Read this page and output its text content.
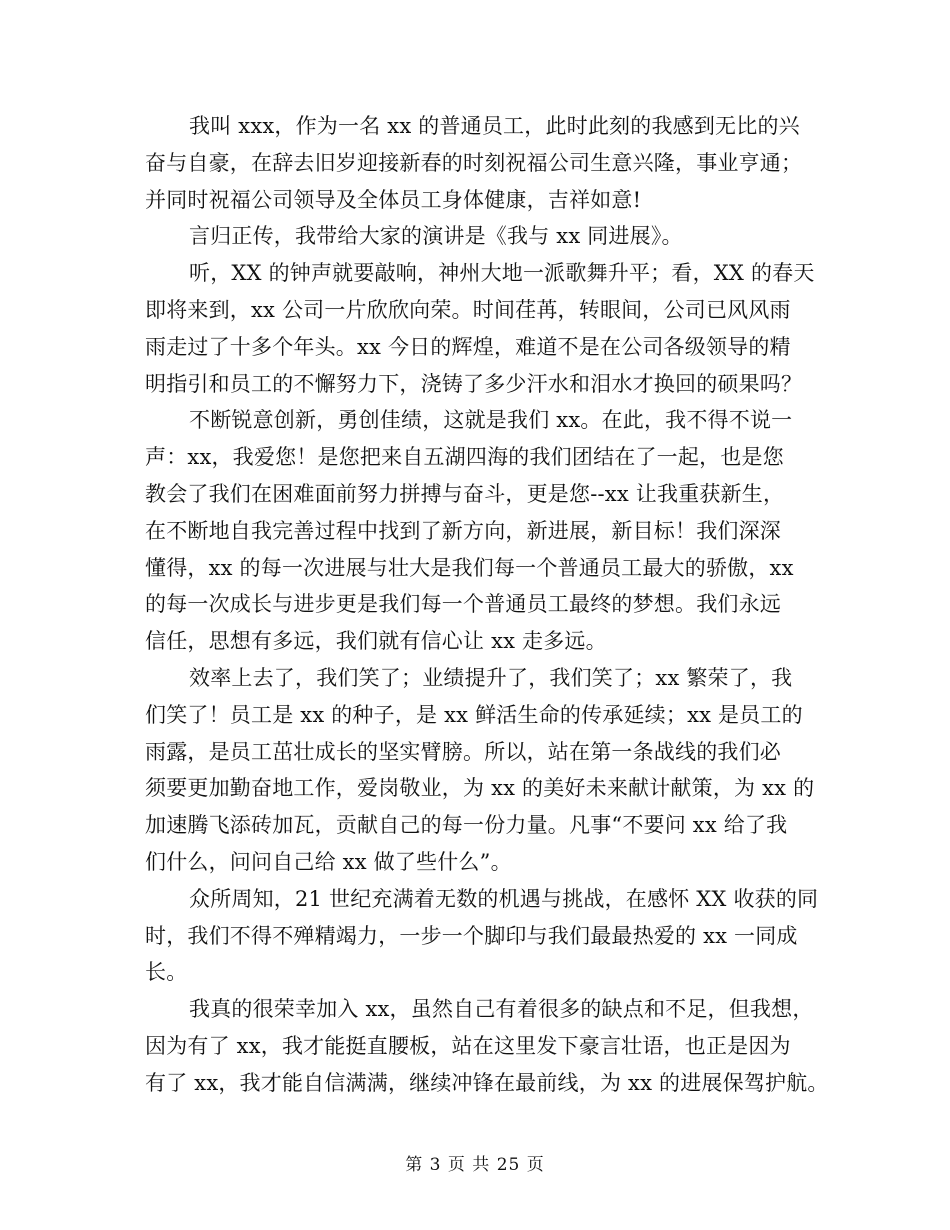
我叫 xxx，作为一名 xx 的普通员工，此时此刻的我感到无比的兴
奋与自豪，在辞去旧岁迎接新春的时刻祝福公司生意兴隆，事业亨通；
并同时祝福公司领导及全体员工身体健康，吉祥如意!
言归正传，我带给大家的演讲是《我与 xx 同进展》。
听，XX 的钟声就要敲响，神州大地一派歌舞升平；看，XX 的春天
即将来到，xx 公司一片欣欣向荣。时间荏苒，转眼间，公司已风风雨
雨走过了十多个年头。xx 今日的辉煌，难道不是在公司各级领导的精
明指引和员工的不懈努力下，浇铸了多少汗水和泪水才换回的硕果吗？
不断锐意创新，勇创佳绩，这就是我们 xx。在此，我不得不说一
声：xx，我爱您！是您把来自五湖四海的我们团结在了一起，也是您
教会了我们在困难面前努力拼搏与奋斗，更是您--xx 让我重获新生，
在不断地自我完善过程中找到了新方向，新进展，新目标！我们深深
懂得，xx 的每一次进展与壮大是我们每一个普通员工最大的骄傲，xx
的每一次成长与进步更是我们每一个普通员工最终的梦想。我们永远
信任，思想有多远，我们就有信心让 xx 走多远。
效率上去了，我们笑了；业绩提升了，我们笑了；xx 繁荣了，我
们笑了！员工是 xx 的种子，是 xx 鲜活生命的传承延续；xx 是员工的
雨露，是员工茁壮成长的坚实臂膀。所以，站在第一条战线的我们必
须要更加勤奋地工作，爱岗敬业，为 xx 的美好未来献计献策，为 xx 的
加速腾飞添砖加瓦，贡献自己的每一份力量。凡事“不要问 xx 给了我
们什么，问问自己给 xx 做了些什么”。
众所周知，21 世纪充满着无数的机遇与挑战，在感怀 XX 收获的同
时，我们不得不殚精竭力，一步一个脚印与我们最最热爱的 xx 一同成
长。
我真的很荣幸加入 xx，虽然自己有着很多的缺点和不足，但我想，
因为有了 xx，我才能挺直腰板，站在这里发下豪言壮语，也正是因为
有了 xx，我才能自信满满，继续冲锋在最前线，为 xx 的进展保驾护航。
第 3 页 共 25 页
